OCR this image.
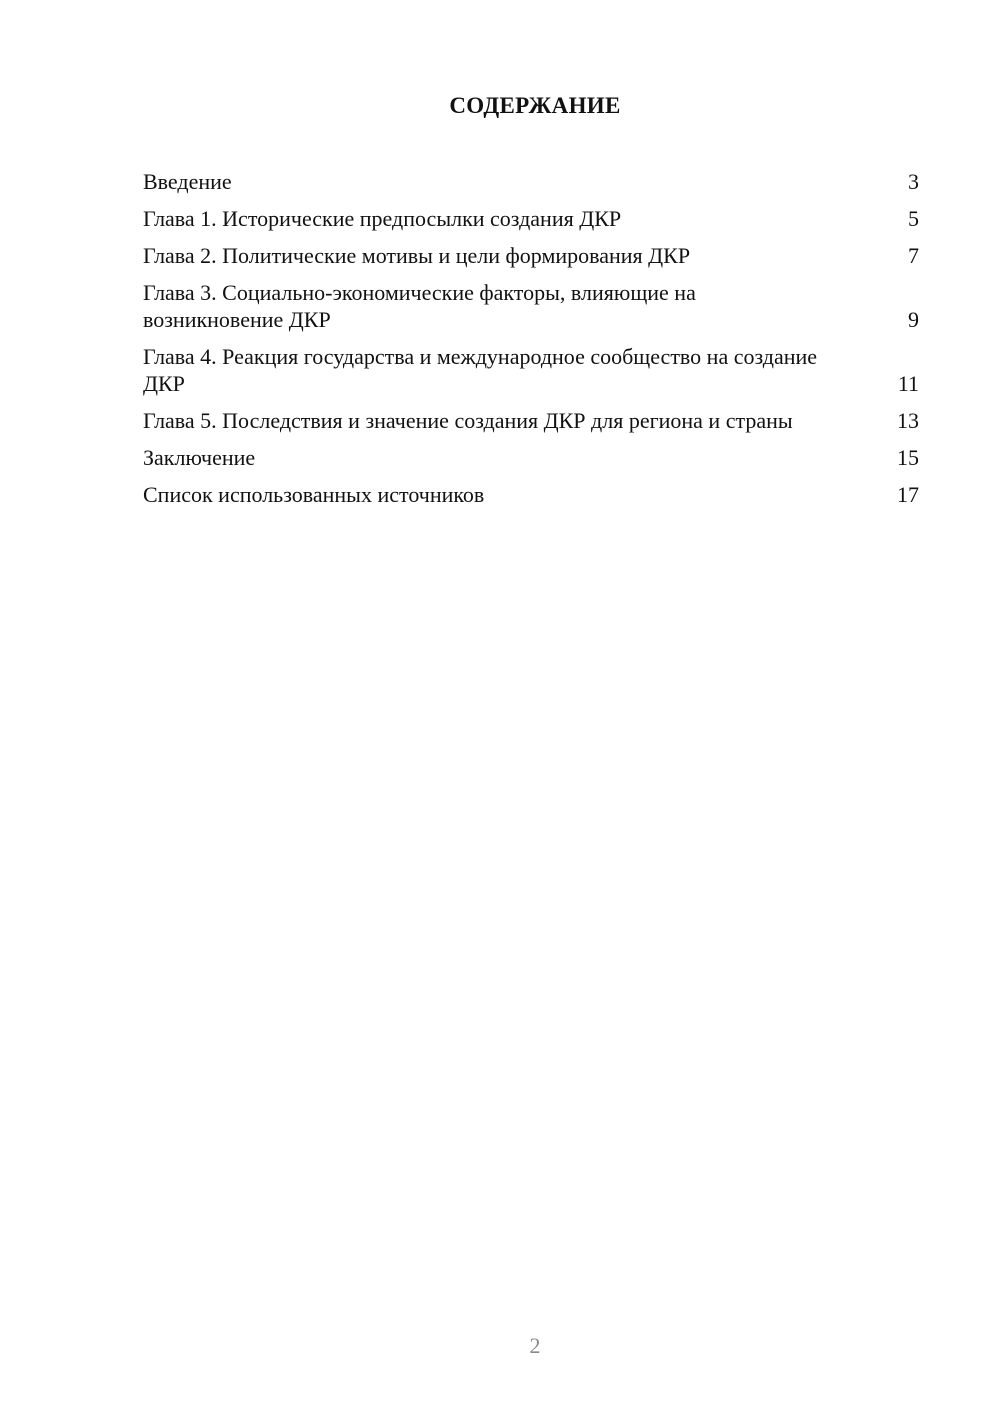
СОДЕРЖАНИЕ
Введение	3
Глава 1. Исторические предпосылки создания ДКР	5
Глава 2. Политические мотивы и цели формирования ДКР	7
Глава 3. Социально-экономические факторы, влияющие на возникновение ДКР	9
Глава 4. Реакция государства и международное сообщество на создание ДКР	11
Глава 5. Последствия и значение создания ДКР для региона и страны	13
Заключение	15
Список использованных источников	17
2
